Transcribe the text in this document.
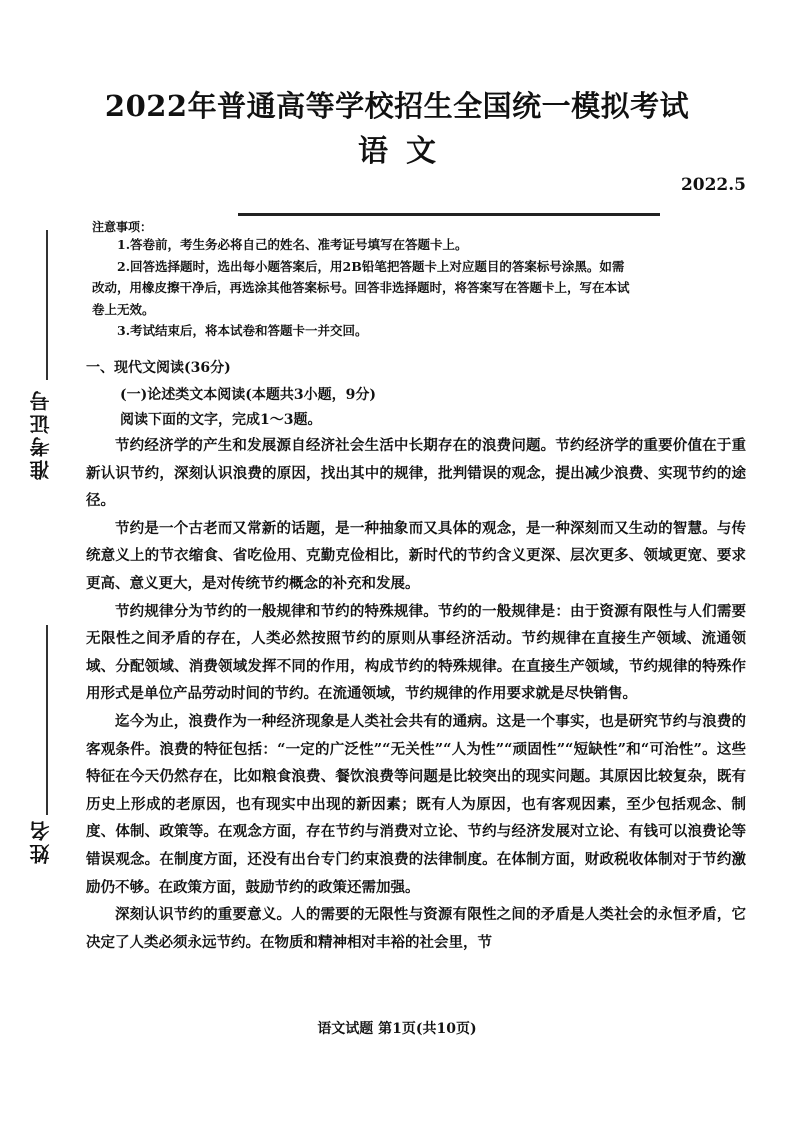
准考证号
姓名
2022年普通高等学校招生全国统一模拟考试
语文
2022.5
注意事项：

1.答卷前，考生务必将自己的姓名、准考证号填写在答题卡上。

2.回答选择题时，选出每小题答案后，用2B铅笔把答题卡上对应题目的答案标号涂黑。如需

改动，用橡皮擦干净后，再选涂其他答案标号。回答非选择题时，将答案写在答题卡上，写在本试

卷上无效。

3.考试结束后，将本试卷和答题卡一并交回。

一、现代文阅读(36分)
(一)论述类文本阅读(本题共3小题，9分)
阅读下面的文字，完成1～3题。

节约经济学的产生和发展源自经济社会生活中长期存在的浪费问题。节约经济学的重要价值在于重新认识节约，深刻认识浪费的原因，找出其中的规律，批判错误的观念，提出减少浪费、实现节约的途径。

节约是一个古老而又常新的话题，是一种抽象而又具体的观念，是一种深刻而又生动的智慧。与传统意义上的节衣缩食、省吃俭用、克勤克俭相比，新时代的节约含义更深、层次更多、领域更宽、要求更高、意义更大，是对传统节约概念的补充和发展。

节约规律分为节约的一般规律和节约的特殊规律。节约的一般规律是：由于资源有限性与人们需要无限性之间矛盾的存在，人类必然按照节约的原则从事经济活动。节约规律在直接生产领域、流通领域、分配领域、消费领域发挥不同的作用，构成节约的特殊规律。在直接生产领域，节约规律的特殊作用形式是单位产品劳动时间的节约。在流通领域，节约规律的作用要求就是尽快销售。

迄今为止，浪费作为一种经济现象是人类社会共有的通病。这是一个事实，也是研究节约与浪费的客观条件。浪费的特征包括：“一定的广泛性”“无关性”“人为性”“顽固性”“短缺性”和“可治性”。这些特征在今天仍然存在，比如粮食浪费、餐饮浪费等问题是比较突出的现实问题。其原因比较复杂，既有历史上形成的老原因，也有现实中出现的新因素；既有人为原因，也有客观因素，至少包括观念、制度、体制、政策等。在观念方面，存在节约与消费对立论、节约与经济发展对立论、有钱可以浪费论等错误观念。在制度方面，还没有出台专门约束浪费的法律制度。在体制方面，财政税收体制对于节约激励仍不够。在政策方面，鼓励节约的政策还需加强。

深刻认识节约的重要意义。人的需要的无限性与资源有限性之间的矛盾是人类社会的永恒矛盾，它决定了人类必须永远节约。在物质和精神相对丰裕的社会里，节

语文试题 第1页(共10页)
